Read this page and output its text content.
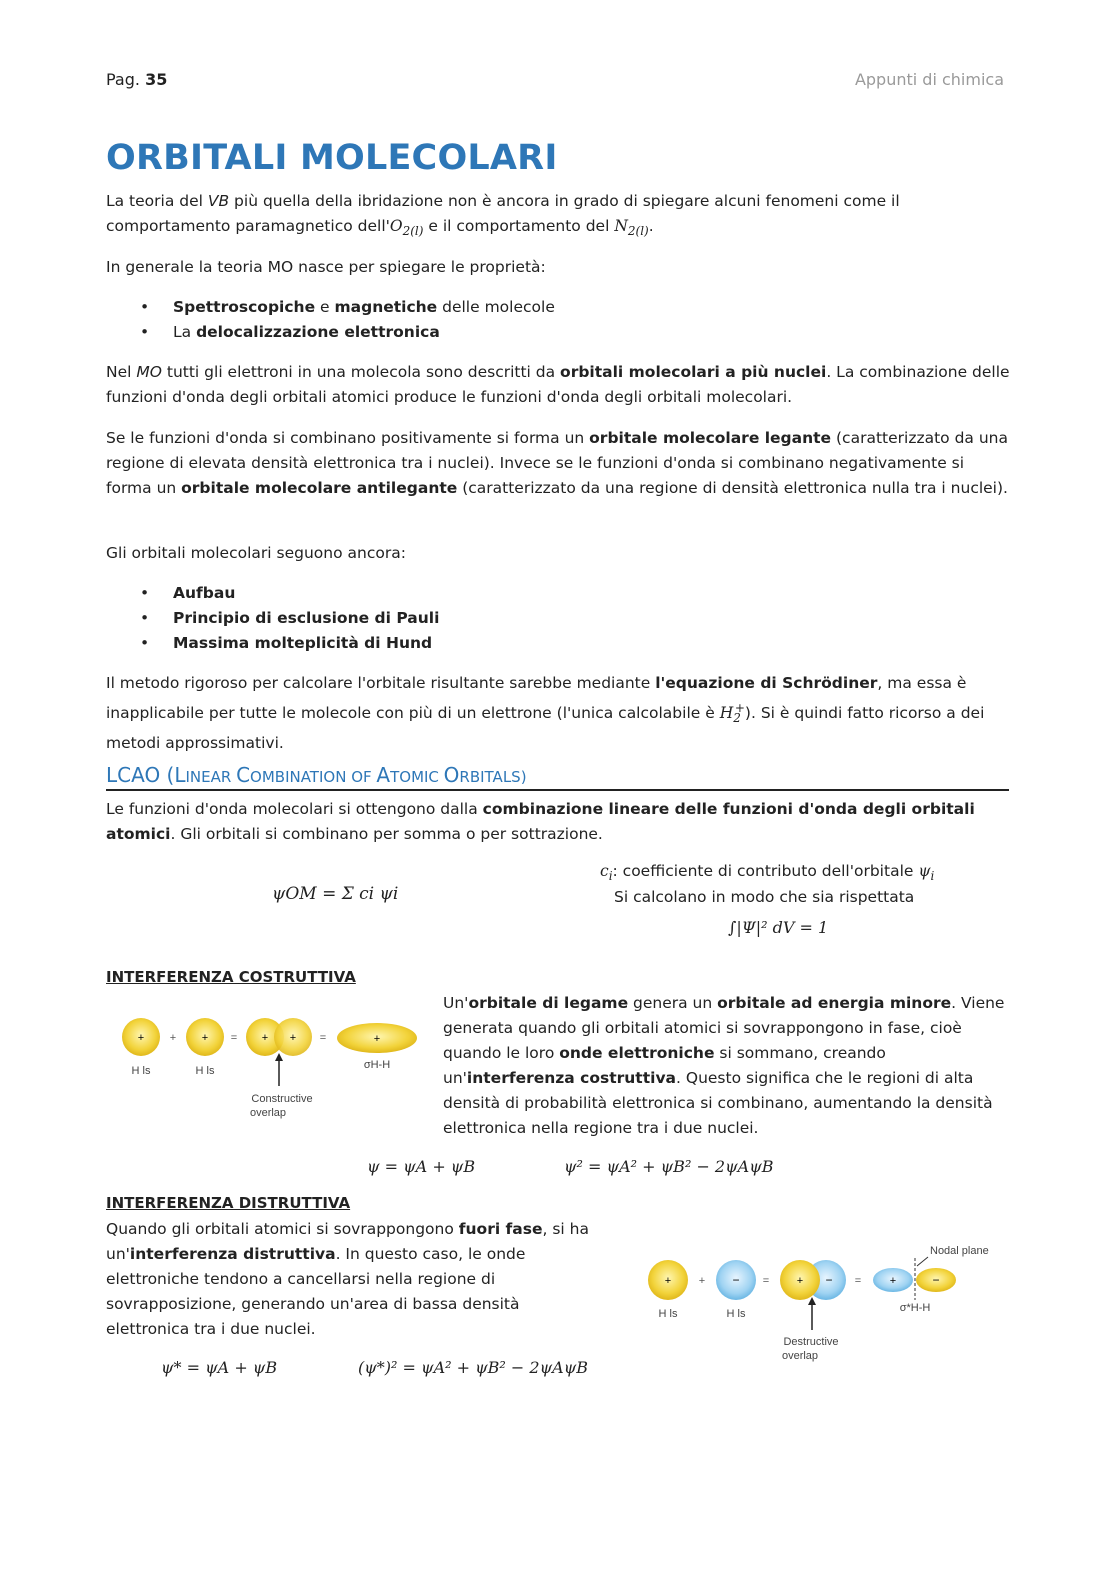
Pag. 35	Appunti di chimica
ORBITALI MOLECOLARI
La teoria del VB più quella della ibridazione non è ancora in grado di spiegare alcuni fenomeni come il comportamento paramagnetico $dell'O_{2(l)}$ e il comportamento del $N_{2(l)}$.
In generale la teoria MO nasce per spiegare le proprietà:
• Spettroscopiche e magnetiche delle molecole
• La delocalizzazione elettronica
Nel MO tutti gli elettroni in una molecola sono descritti da orbitali molecolari a più nuclei. La combinazione delle funzioni d'onda degli orbitali atomici produce le funzioni d'onda degli orbitali molecolari.
Se le funzioni d'onda si combinano positivamente si forma un orbitale molecolare legante (caratterizzato da una regione di elevata densità elettronica tra i nuclei). Invece se le funzioni d'onda si combinano negativamente si forma un orbitale molecolare antilegante (caratterizzato da una regione di densità elettronica nulla tra i nuclei).
Gli orbitali molecolari seguono ancora:
• Aufbau
• Principio di esclusione di Pauli
• Massima molteplicità di Hund
Il metodo rigoroso per calcolare l'orbitale risultante sarebbe mediante l'equazione di Schrödiner, ma essa è inapplicabile per tutte le molecole con più di un elettrone (l'unica calcolabile è $H_2^+$). Si è quindi fatto ricorso a dei metodi approssimativi.
LCAO (LINEAR COMBINATION OF ATOMIC ORBITALS)
Le funzioni d'onda molecolari si ottengono dalla combinazione lineare delle funzioni d'onda degli orbitali atomici. Gli orbitali si combinano per somma o per sottrazione.
ψOM = Σ ci ψi
$c_i$: coefficiente di contributo dell'orbitale $\psi_i$
Si calcolano in modo che sia rispettata
∫|Ψ|² dV = 1
INTERFERENZA COSTRUTTIVA
+ + + = + + =	+
H ls	H ls	σH-H
Constructive
overlap
Un'orbitale di legame genera un orbitale ad energia minore. Viene generata quando gli orbitali atomici si sovrappongono in fase, cioè quando le loro onde elettroniche si sommano, creando un'interferenza costruttiva. Questo significa che le regioni di alta densità di probabilità elettronica si combinano, aumentando la densità elettronica nella regione tra i due nuclei.
ψ = ψA + ψB	ψ² = ψA² + ψB² − 2ψAψB
INTERFERENZA DISTRUTTIVA
Quando gli orbitali atomici si sovrappongono fuori fase, si ha un'interferenza distruttiva. In questo caso, le onde elettroniche tendono a cancellarsi nella regione di sovrapposizione, generando un'area di bassa densità elettronica tra i due nuclei.
Nodal plane
+	+ − =	+ − =	+	−
H ls	H ls	σ*H-H
Destructive
overlap
ψ* = ψA + ψB	(ψ*)² = ψA² + ψB² − 2ψAψB
